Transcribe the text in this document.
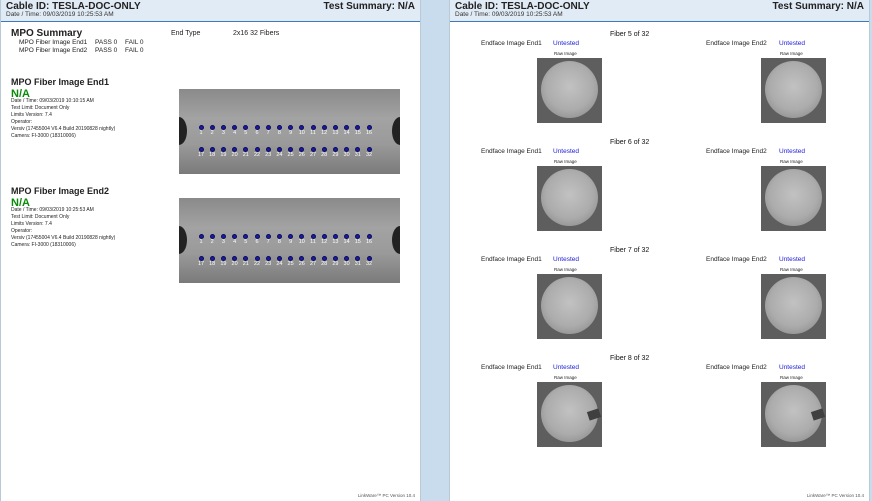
Cable ID: TESLA-DOC-ONLY
Date / Time: 09/03/2019 10:25:53 AM
Test Summary: N/A
MPO Summary
MPO Fiber Image End1 PASS 0 FAIL 0
MPO Fiber Image End2 PASS 0 FAIL 0
End Type	2x16 32 Fibers
MPO Fiber Image End1
N/A
Date / Time: 09/03/2019 10:10:15 AM
Test Limit: Document Only
Limits Version: 7.4
Operator:
Versiv (17455004 V6.4 Build 20190828 nightly)
Camera: FI-3000 (18310006)	1	2	3	4	5	6	7	8	9	10 11 12 13 14 15 16
17 18 19 20 21 22 23 24 25 26 27 28 29 30 31 32
MPO Fiber Image End2
N/A
Date / Time: 09/03/2019 10:25:53 AM
Test Limit: Document Only
Limits Version: 7.4
Operator:
Versiv (17455004 V6.4 Build 20190828 nightly)
Camera: FI-3000 (18310006)	1	2	3	4	5	6	7	8	9	10 11 12 13 14 15 16
17 18 19 20 21 22 23 24 25 26 27 28 29 30 31 32
LinkWare™ PC Version 10.4
Cable ID: TESLA-DOC-ONLY
Date / Time: 09/03/2019 10:25:53 AM
Test Summary: N/A
Fiber 5 of 32
Endface Image End1 Untested
Raw Image
Endface Image End2 Untested
Raw Image
Fiber 6 of 32
Endface Image End1 Untested
Raw Image
Endface Image End2 Untested
Raw Image
Fiber 7 of 32
Endface Image End1 Untested
Raw Image
Endface Image End2 Untested
Raw Image
Fiber 8 of 32
Endface Image End1 Untested
Raw Image
Endface Image End2 Untested
Raw Image
LinkWare™ PC Version 10.4
